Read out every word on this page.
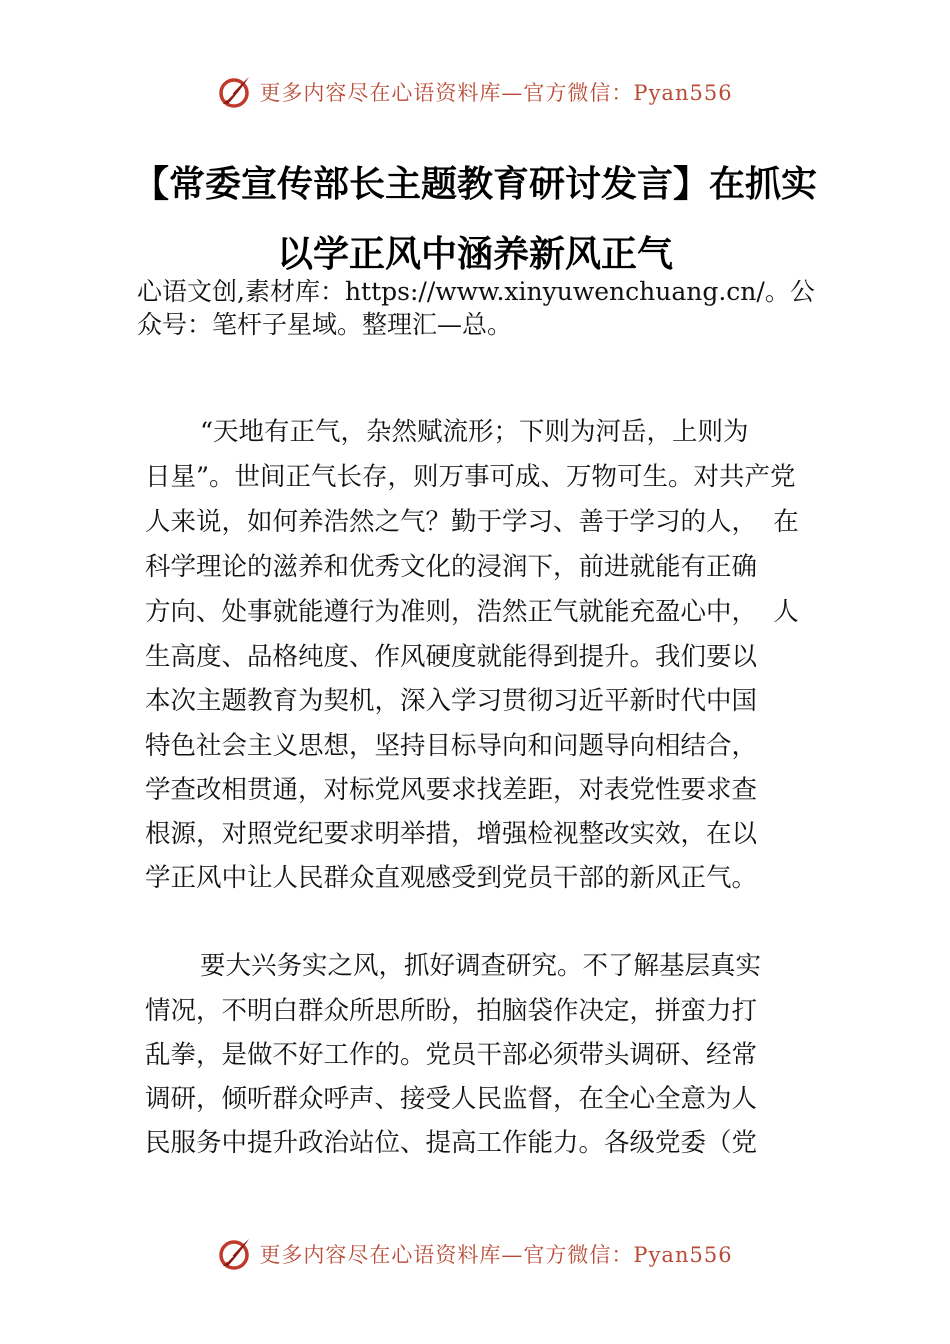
更多内容尽在心语资料库—官方微信：Pyan556
【常委宣传部长主题教育研讨发言】在抓实
以学正风中涵养新风正气
心语文创,素材库：https://www.xinyuwenchuang.cn/。公
众号：笔杆子星域。整理汇—总。
“天地有正气，杂然赋流形；下则为河岳，上则为
日星”。世间正气长存，则万事可成、万物可生。对共产党
人来说，如何养浩然之气？勤于学习、善于学习的人，  在
科学理论的滋养和优秀文化的浸润下，前进就能有正确
方向、处事就能遵行为准则，浩然正气就能充盈心中，  人
生高度、品格纯度、作风硬度就能得到提升。我们要以
本次主题教育为契机，深入学习贯彻习近平新时代中国
特色社会主义思想，坚持目标导向和问题导向相结合，
学查改相贯通，对标党风要求找差距，对表党性要求查
根源，对照党纪要求明举措，增强检视整改实效，在以
学正风中让人民群众直观感受到党员干部的新风正气。
要大兴务实之风，抓好调查研究。不了解基层真实
情况，不明白群众所思所盼，拍脑袋作决定，拼蛮力打
乱拳，是做不好工作的。党员干部必须带头调研、经常
调研，倾听群众呼声、接受人民监督，在全心全意为人
民服务中提升政治站位、提高工作能力。各级党委（党
更多内容尽在心语资料库—官方微信：Pyan556
